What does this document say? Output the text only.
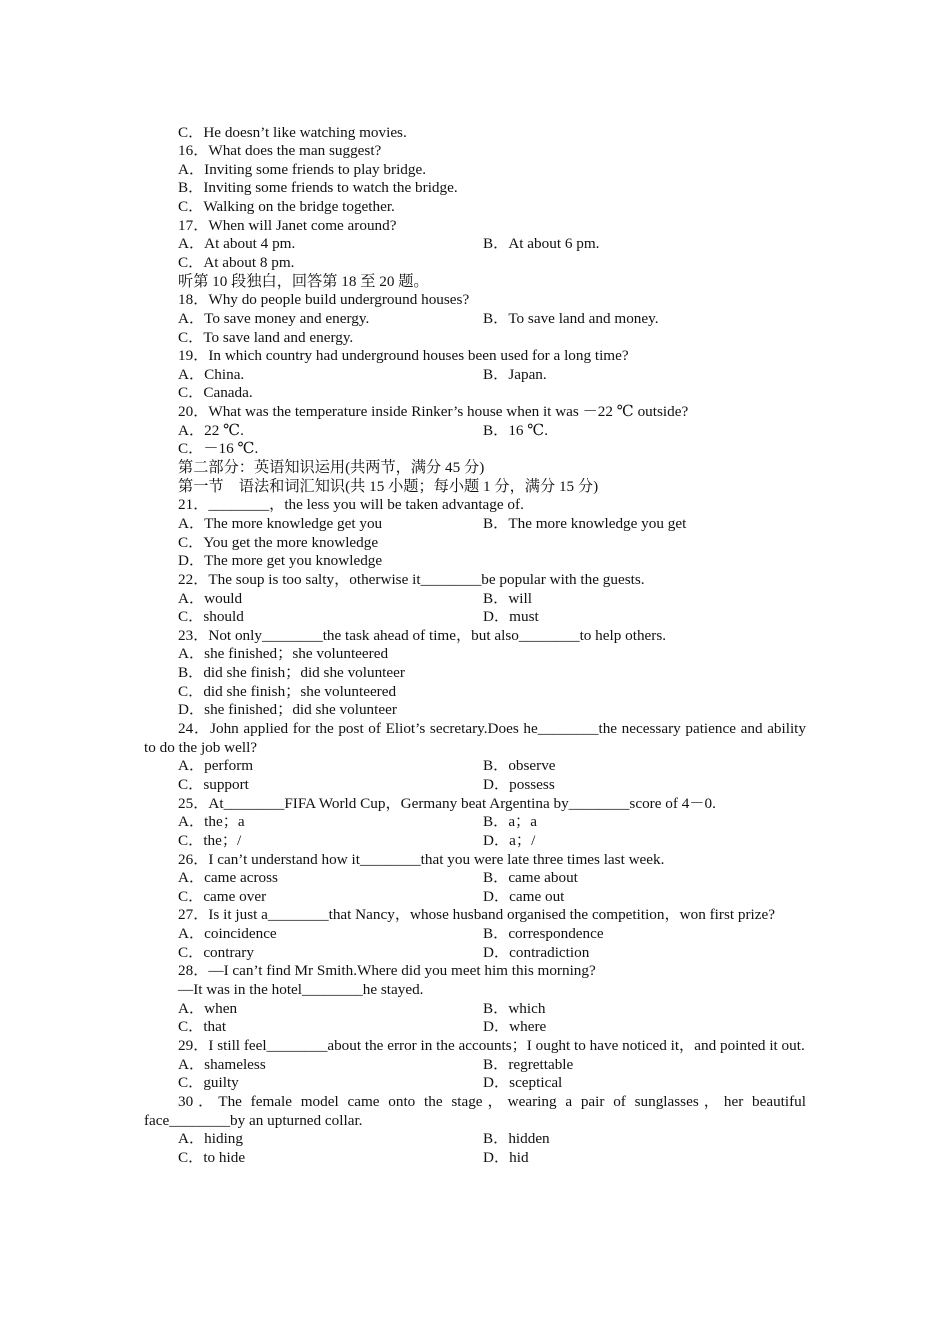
C．He doesn’t like watching movies.
16．What does the man suggest?
A．Inviting some friends to play bridge.
B．Inviting some friends to watch the bridge.
C．Walking on the bridge together.
17．When will Janet come around?
A．At about 4 pm.	B．At about 6 pm.
C．At about 8 pm.
听第 10 段独白，回答第 18 至 20 题。
18．Why do people build underground houses?
A．To save money and energy.	B．To save land and money.
C．To save land and energy.
19．In which country had underground houses been used for a long time?
A．China.	B．Japan.
C．Canada.
20．What was the temperature inside Rinker’s house when it was －22 ℃ outside?
A．22 ℃.	B．16 ℃.
C．－16 ℃.
第二部分：英语知识运用(共两节，满分 45 分)
第一节　语法和词汇知识(共 15 小题；每小题 1 分，满分 15 分)
21．________，the less you will be taken advantage of.
A．The more knowledge get you	B．The more knowledge you get
C．You get the more knowledge
D．The more get you knowledge
22．The soup is too salty，otherwise it________be popular with the guests.
A．would	B．will
C．should	D．must
23．Not only________the task ahead of time，but also________to help others.
A．she finished；she volunteered
B．did she finish；did she volunteer
C．did she finish；she volunteered
D．she finished；did she volunteer
24．John applied for the post of Eliot’s secretary.Does he________the necessary patience and ability to do the job well?
A．perform	B．observe
C．support	D．possess
25．At________FIFA World Cup，Germany beat Argentina by________score of 4－0.
A．the；a	B．a；a
C．the；/	D．a；/
26．I can’t understand how it________that you were late three times last week.
A．came across	B．came about
C．came over	D．came out
27．Is it just a________that Nancy，whose husband organised the competition，won first prize?
A．coincidence	B．correspondence
C．contrary	D．contradiction
28．—I can’t find Mr Smith.Where did you meet him this morning?
—It was in the hotel________he stayed.
A．when	B．which
C．that	D．where
29．I still feel________about the error in the accounts；I ought to have noticed it，and pointed it out.
A．shameless	B．regrettable
C．guilty	D．sceptical
30．The female model came onto the stage，wearing a pair of sunglasses，her beautiful face________by an upturned collar.
A．hiding	B．hidden
C．to hide	D．hid
